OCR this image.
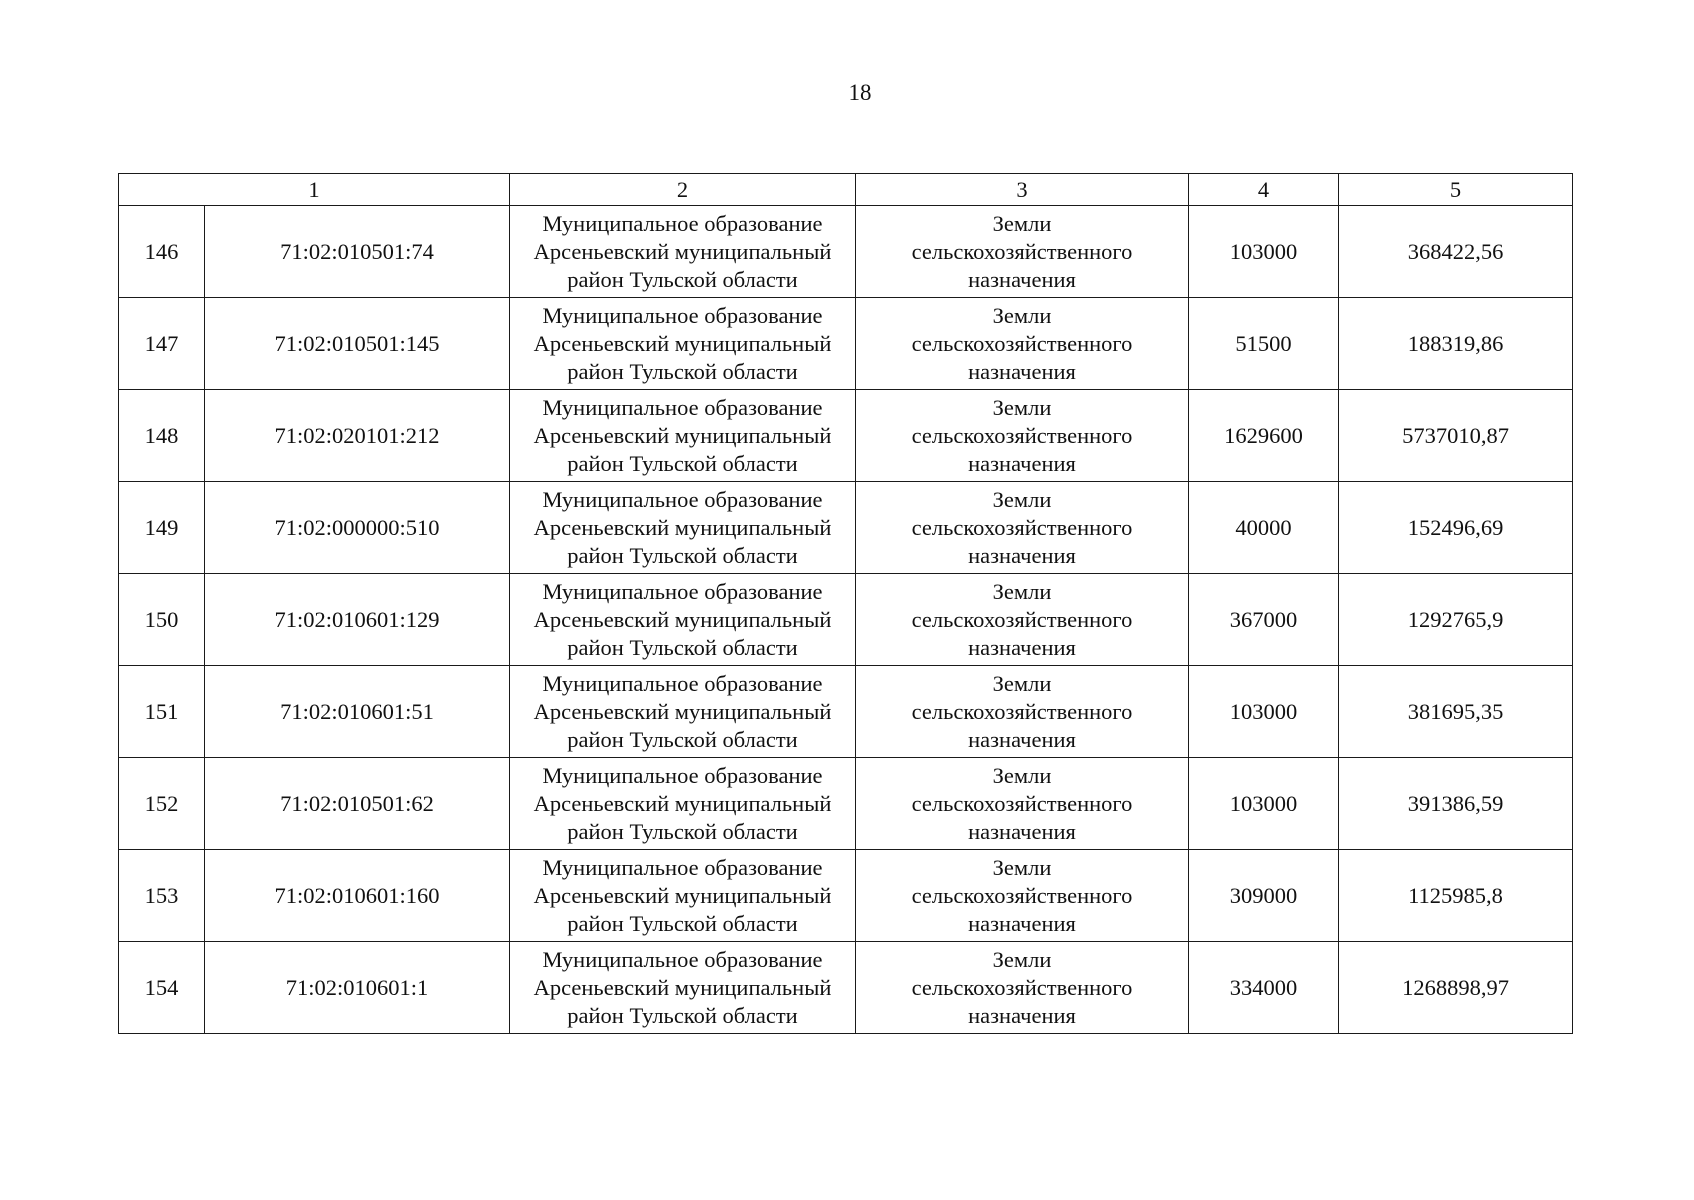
18
1		2	3	4	5
146	71:02:010501:74	Муниципальное образование
Арсеньевский муниципальный
район Тульской области	Земли
сельскохозяйственного
назначения	103000	368422,56
147	71:02:010501:145	Муниципальное образование
Арсеньевский муниципальный
район Тульской области	Земли
сельскохозяйственного
назначения	51500	188319,86
148	71:02:020101:212	Муниципальное образование
Арсеньевский муниципальный
район Тульской области	Земли
сельскохозяйственного
назначения	1629600	5737010,87
149	71:02:000000:510	Муниципальное образование
Арсеньевский муниципальный
район Тульской области	Земли
сельскохозяйственного
назначения	40000	152496,69
150	71:02:010601:129	Муниципальное образование
Арсеньевский муниципальный
район Тульской области	Земли
сельскохозяйственного
назначения	367000	1292765,9
151	71:02:010601:51	Муниципальное образование
Арсеньевский муниципальный
район Тульской области	Земли
сельскохозяйственного
назначения	103000	381695,35
152	71:02:010501:62	Муниципальное образование
Арсеньевский муниципальный
район Тульской области	Земли
сельскохозяйственного
назначения	103000	391386,59
153	71:02:010601:160	Муниципальное образование
Арсеньевский муниципальный
район Тульской области	Земли
сельскохозяйственного
назначения	309000	1125985,8
154	71:02:010601:1	Муниципальное образование
Арсеньевский муниципальный
район Тульской области	Земли
сельскохозяйственного
назначения	334000	1268898,97
